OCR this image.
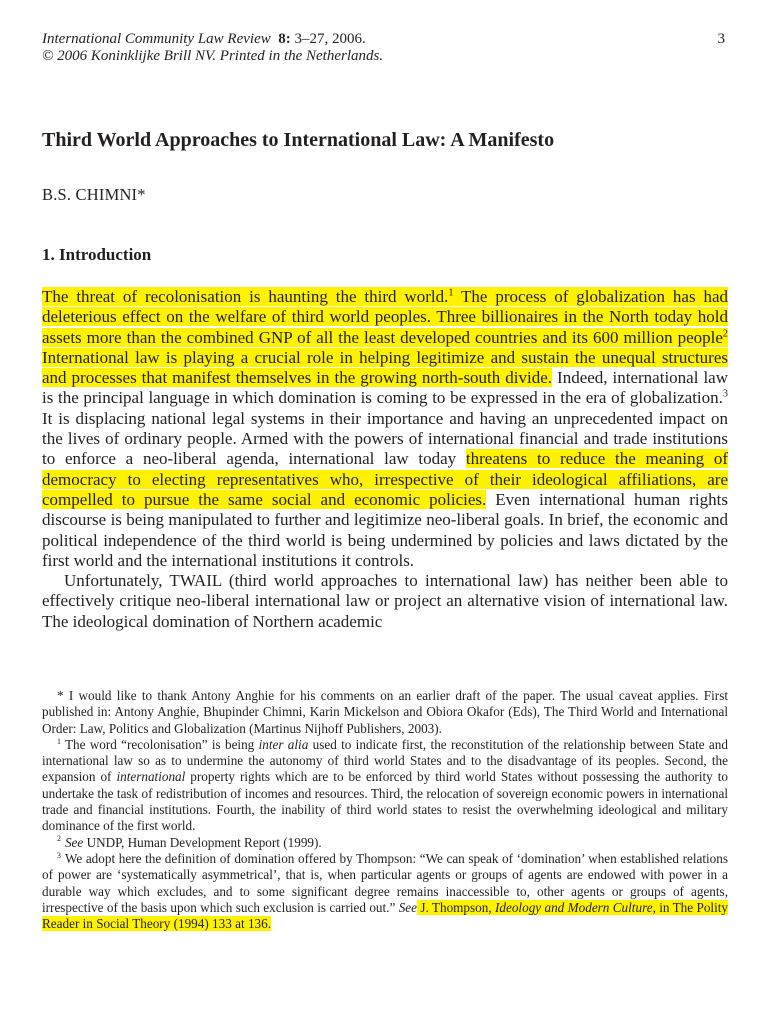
International Community Law Review 8: 3–27, 2006.
© 2006 Koninklijke Brill NV. Printed in the Netherlands.
3
Third World Approaches to International Law: A Manifesto
B.S. CHIMNI*
1. Introduction

The threat of recolonisation is haunting the third world.$^1$ The process of globalization has had deleterious effect on the welfare of third world peoples. Three billionaires in the North today hold assets more than the combined GNP of all the least developed countries and its 600 million people$^2$ International law is playing a crucial role in helping legitimize and sustain the unequal structures and processes that manifest themselves in the growing north-south divide. Indeed, international law is the principal language in which domination is coming to be expressed in the era of globalization.$^3$ It is displacing national legal systems in their importance and having an unprecedented impact on the lives of ordinary people. Armed with the powers of international financial and trade institutions to enforce a neo-liberal agenda, international law today threatens to reduce the meaning of democracy to electing representatives who, irrespective of their ideological affiliations, are compelled to pursue the same social and economic policies. Even international human rights discourse is being manipulated to further and legitimize neo-liberal goals. In brief, the economic and political independence of the third world is being undermined by policies and laws dictated by the first world and the international institutions it controls.

Unfortunately, TWAIL (third world approaches to international law) has neither been able to effectively critique neo-liberal international law or project an alternative vision of international law. The ideological domination of Northern academic

* I would like to thank Antony Anghie for his comments on an earlier draft of the paper. The usual caveat applies. First published in: Antony Anghie, Bhupinder Chimni, Karin Mickelson and Obiora Okafor (Eds), The Third World and International Order: Law, Politics and Globalization (Martinus Nijhoff Publishers, 2003).

$^1$ The word “recolonisation” is being inter alia used to indicate first, the reconstitution of the relationship between State and international law so as to undermine the autonomy of third world States and to the disadvantage of its peoples. Second, the expansion of international property rights which are to be enforced by third world States without possessing the authority to undertake the task of redistribution of incomes and resources. Third, the relocation of sovereign economic powers in international trade and financial institutions. Fourth, the inability of third world states to resist the overwhelming ideological and military dominance of the first world.

$^2$ See UNDP, Human Development Report (1999).

$^3$ We adopt here the definition of domination offered by Thompson: “We can speak of ‘domination’ when established relations of power are ‘systematically asymmetrical’, that is, when particular agents or groups of agents are endowed with power in a durable way which excludes, and to some significant degree remains inaccessible to, other agents or groups of agents, irrespective of the basis upon which such exclusion is carried out.” See J. Thompson, Ideology and Modern Culture, in The Polity Reader in Social Theory (1994) 133 at 136.
